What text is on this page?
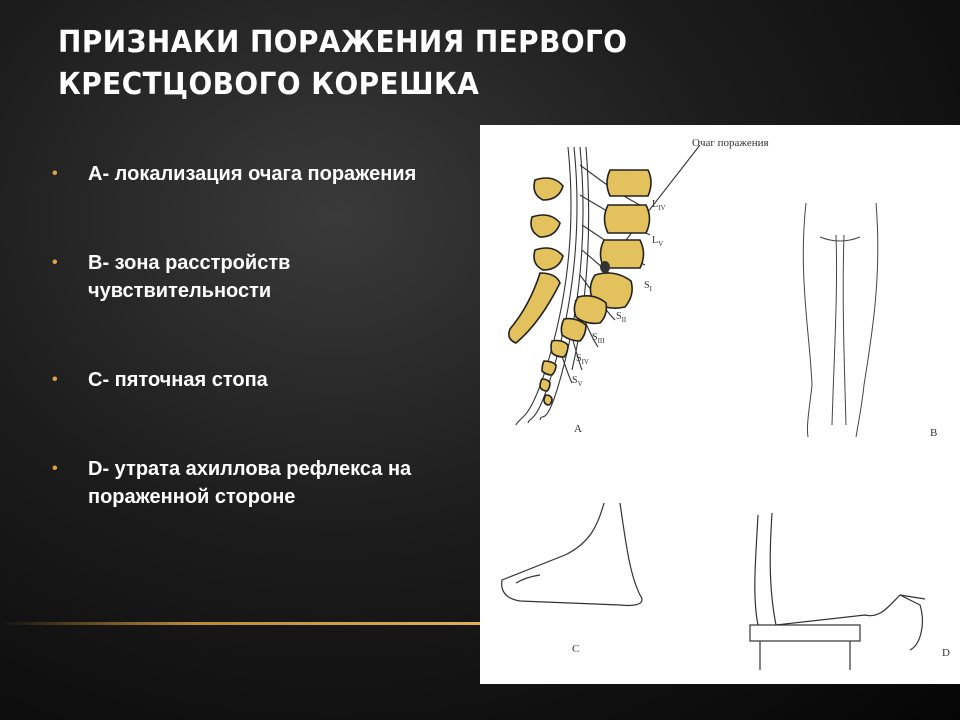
ПРИЗНАКИ ПОРАЖЕНИЯ ПЕРВОГО КРЕСТЦОВОГО КОРЕШКА
• А- локализация очага поражения
• В- зона расстройств чувствительности
• С- пяточная стопа
• D- утрата ахиллова рефлекса на пораженной стороне
Очаг поражения
$L_{IV}$
$L_V$
$S_I$
$S_{II}$
$S_{III}$
$S_{IV}$
$S_V$
A	B
C	D
